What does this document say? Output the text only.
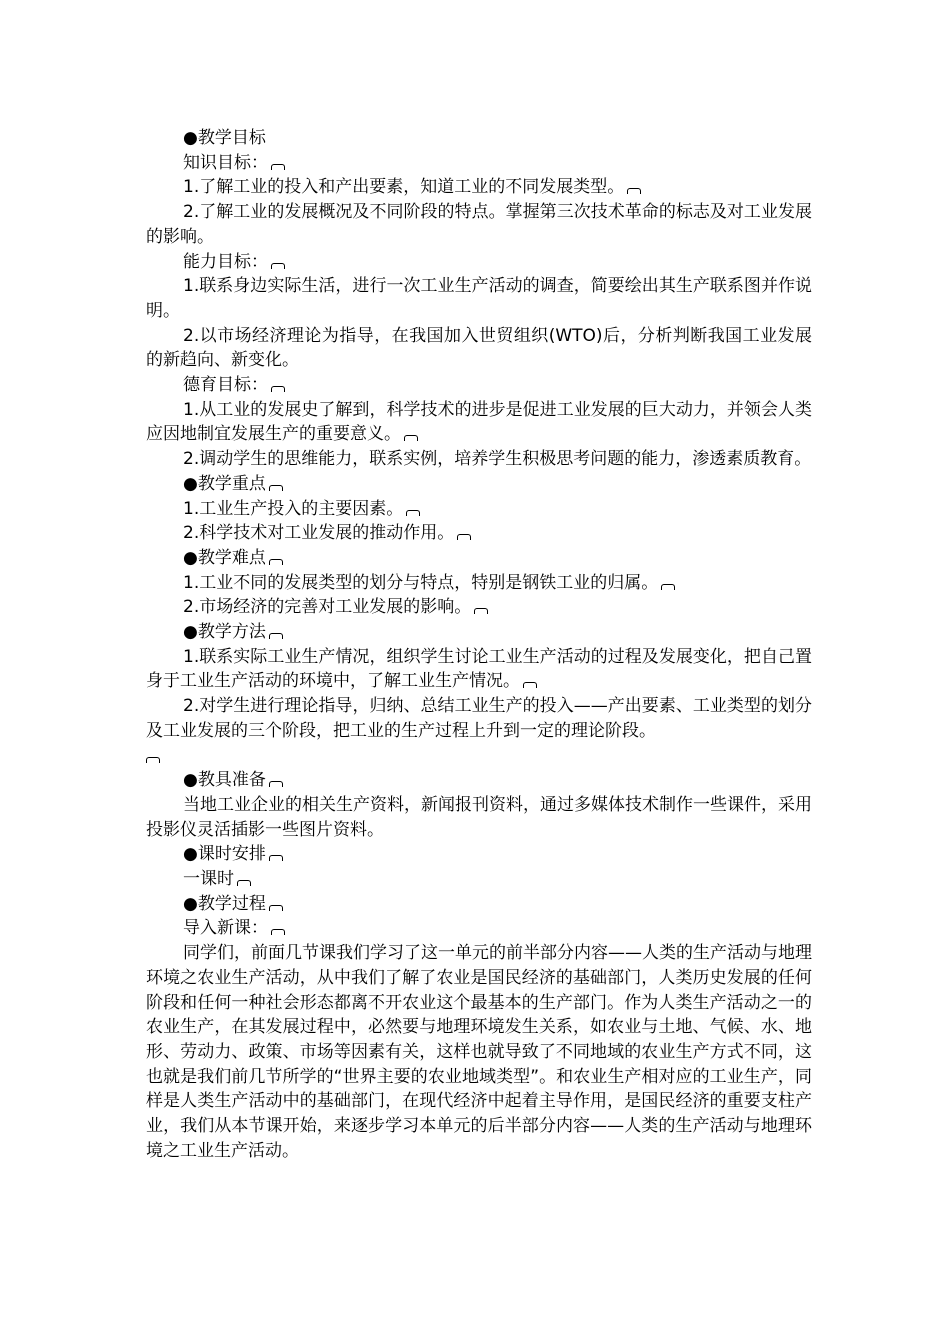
●教学目标

知识目标：

1.了解工业的投入和产出要素，知道工业的不同发展类型。

2.了解工业的发展概况及不同阶段的特点。掌握第三次技术革命的标志及对工业发展的影响。

能力目标：

1.联系身边实际生活，进行一次工业生产活动的调查，简要绘出其生产联系图并作说明。

2.以市场经济理论为指导，在我国加入世贸组织(WTO)后，分析判断我国工业发展的新趋向、新变化。

德育目标：

1.从工业的发展史了解到，科学技术的进步是促进工业发展的巨大动力，并领会人类应因地制宜发展生产的重要意义。

2.调动学生的思维能力，联系实例，培养学生积极思考问题的能力，渗透素质教育。

●教学重点

1.工业生产投入的主要因素。

2.科学技术对工业发展的推动作用。

●教学难点

1.工业不同的发展类型的划分与特点，特别是钢铁工业的归属。

2.市场经济的完善对工业发展的影响。

●教学方法

1.联系实际工业生产情况，组织学生讨论工业生产活动的过程及发展变化，把自己置身于工业生产活动的环境中，了解工业生产情况。

2.对学生进行理论指导，归纳、总结工业生产的投入——产出要素、工业类型的划分及工业发展的三个阶段，把工业的生产过程上升到一定的理论阶段。

●教具准备

当地工业企业的相关生产资料，新闻报刊资料，通过多媒体技术制作一些课件，采用投影仪灵活插影一些图片资料。

●课时安排

一课时

●教学过程

导入新课：

同学们，前面几节课我们学习了这一单元的前半部分内容——人类的生产活动与地理环境之农业生产活动，从中我们了解了农业是国民经济的基础部门，人类历史发展的任何阶段和任何一种社会形态都离不开农业这个最基本的生产部门。作为人类生产活动之一的农业生产，在其发展过程中，必然要与地理环境发生关系，如农业与土地、气候、水、地形、劳动力、政策、市场等因素有关，这样也就导致了不同地域的农业生产方式不同，这也就是我们前几节所学的“世界主要的农业地域类型”。和农业生产相对应的工业生产，同样是人类生产活动中的基础部门，在现代经济中起着主导作用，是国民经济的重要支柱产业，我们从本节课开始，来逐步学习本单元的后半部分内容——人类的生产活动与地理环境之工业生产活动。
